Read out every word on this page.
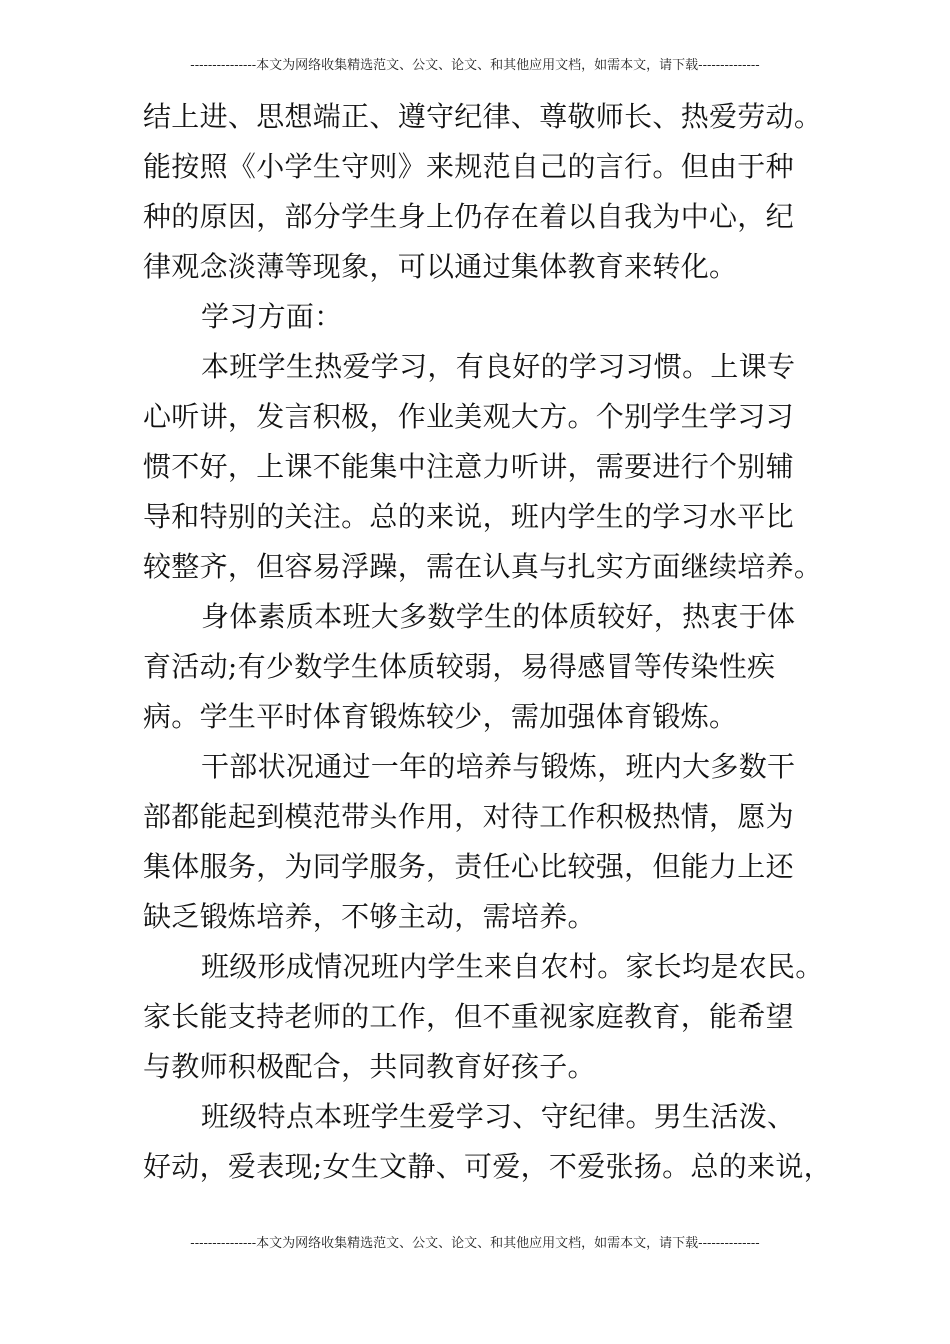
---------------本文为网络收集精选范文、公文、论文、和其他应用文档，如需本文，请下载--------------
结上进、思想端正、遵守纪律、尊敬师长、热爱劳动。
能按照《小学生守则》来规范自己的言行。但由于种
种的原因，部分学生身上仍存在着以自我为中心，纪
律观念淡薄等现象，可以通过集体教育来转化。
学习方面：
本班学生热爱学习，有良好的学习习惯。上课专
心听讲，发言积极，作业美观大方。个别学生学习习
惯不好，上课不能集中注意力听讲，需要进行个别辅
导和特别的关注。总的来说，班内学生的学习水平比
较整齐，但容易浮躁，需在认真与扎实方面继续培养。
身体素质本班大多数学生的体质较好，热衷于体
育活动;有少数学生体质较弱，易得感冒等传染性疾
病。学生平时体育锻炼较少，需加强体育锻炼。
干部状况通过一年的培养与锻炼，班内大多数干
部都能起到模范带头作用，对待工作积极热情，愿为
集体服务，为同学服务，责任心比较强，但能力上还
缺乏锻炼培养，不够主动，需培养。
班级形成情况班内学生来自农村。家长均是农民。
家长能支持老师的工作，但不重视家庭教育，能希望
与教师积极配合，共同教育好孩子。
班级特点本班学生爱学习、守纪律。男生活泼、
好动，爱表现;女生文静、可爱，不爱张扬。总的来说，
---------------本文为网络收集精选范文、公文、论文、和其他应用文档，如需本文，请下载--------------
